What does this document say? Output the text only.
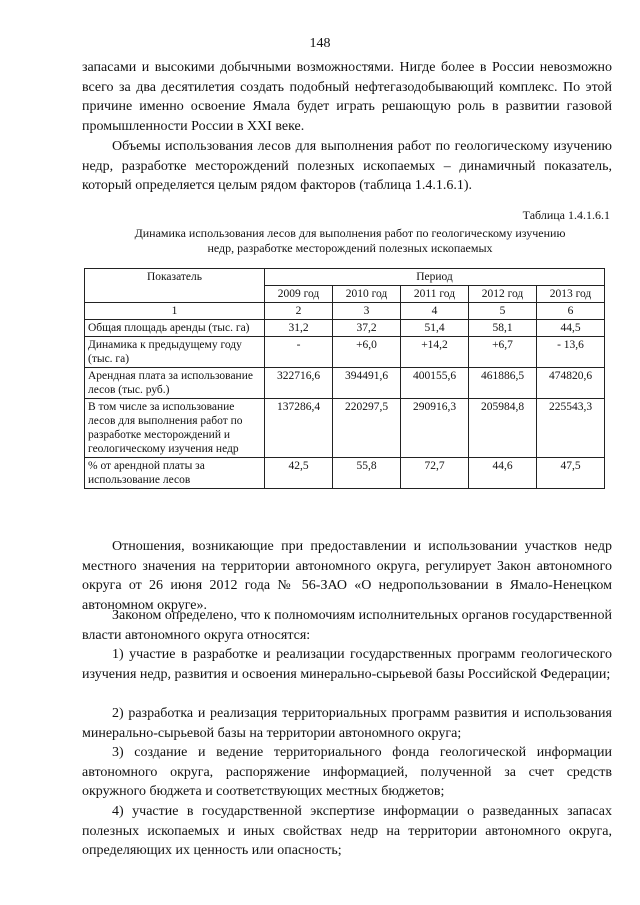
148

запасами и высокими добычными возможностями. Нигде более в России невозможно всего за два десятилетия создать подобный нефтегазодобывающий комплекс. По этой причине именно освоение Ямала будет играть решающую роль в развитии газовой промышленности России в XXI веке.

Объемы использования лесов для выполнения работ по геологическому изучению недр, разработке месторождений полезных ископаемых – динамичный показатель, который определяется целым рядом факторов (таблица 1.4.1.6.1).

Таблица 1.4.1.6.1
Динамика использования лесов для выполнения работ по геологическому изучению недр, разработке месторождений полезных ископаемых
Показатель	Период				
	2009 год	2010 год	2011 год	2012 год	2013 год
1	2	3	4	5	6
Общая площадь аренды (тыс. га)	31,2	37,2	51,4	58,1	44,5
Динамика к предыдущему году (тыс. га)	-	+6,0	+14,2	+6,7	- 13,6
Арендная плата за использование лесов (тыс. руб.)	322716,6	394491,6	400155,6	461886,5	474820,6
В том числе за использование лесов для выполнения работ по разработке месторождений и геологическому изучения недр	137286,4	220297,5	290916,3	205984,8	225543,3
% от арендной платы за использование лесов	42,5	55,8	72,7	44,6	47,5

Отношения, возникающие при предоставлении и использовании участков недр местного значения на территории автономного округа, регулирует Закон автономного округа от 26 июня 2012 года № 56-ЗАО «О недропользовании в Ямало-Ненецком автономном округе».

Законом определено, что к полномочиям исполнительных органов государственной власти автономного округа относятся:

1) участие в разработке и реализации государственных программ геологического изучения недр, развития и освоения минерально-сырьевой базы Российской Федерации;

2) разработка и реализация территориальных программ развития и использования минерально-сырьевой базы на территории автономного округа;

3) создание и ведение территориального фонда геологической информации автономного округа, распоряжение информацией, полученной за счет средств окружного бюджета и соответствующих местных бюджетов;

4) участие в государственной экспертизе информации о разведанных запасах полезных ископаемых и иных свойствах недр на территории автономного округа, определяющих их ценность или опасность;
